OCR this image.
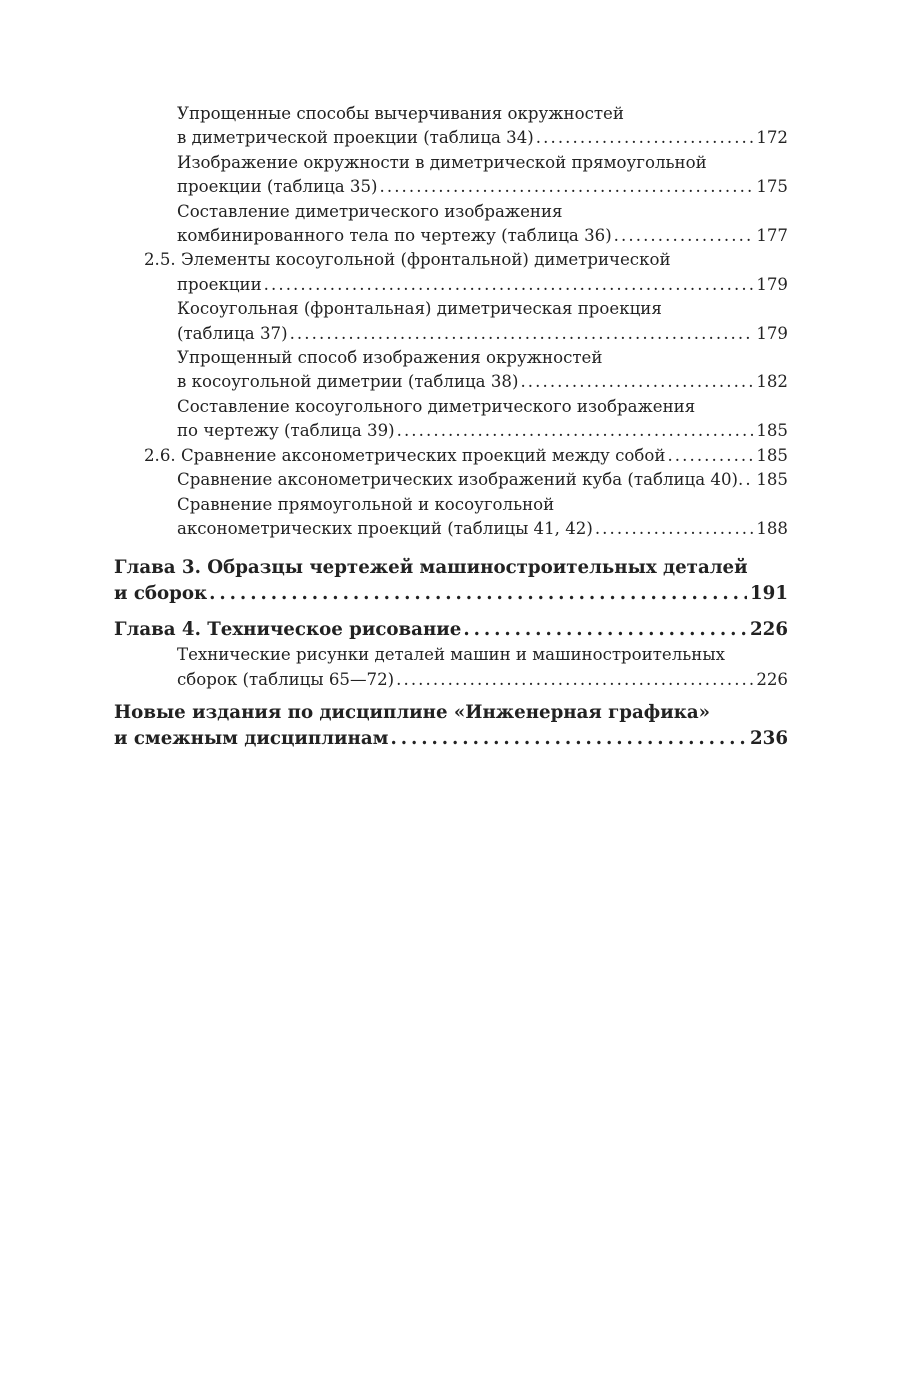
Упрощенные способы вычерчивания окружностей
в диметрической проекции (таблица 34) . . .	172
Изображение окружности в диметрической прямоугольной
проекции (таблица 35) . . .	175
Составление диметрического изображения
комбинированного тела по чертежу (таблица 36) . . .	177
2.5. Элементы косоугольной (фронтальной) диметрической
проекции . . .	179
Косоугольная (фронтальная) диметрическая проекция
(таблица 37) . . .	179
Упрощенный способ изображения окружностей
в косоугольной диметрии (таблица 38) . . .	182
Составление косоугольного диметрического изображения
по чертежу (таблица 39) . . .	185
2.6. Сравнение аксонометрических проекций между собой . . .	185
Сравнение аксонометрических изображений куба (таблица 40) . . . 185
Сравнение прямоугольной и косоугольной
аксонометрических проекций (таблицы 41, 42) . . .	188
Глава 3. Образцы чертежей машиностроительных деталей
и сборок . . .	191
Глава 4. Техническое рисование . . .	226
Технические рисунки деталей машин и машиностроительных
сборок (таблицы 65—72) . . .	226
Новые издания по дисциплине «Инженерная графика»
и смежным дисциплинам . . .	236
